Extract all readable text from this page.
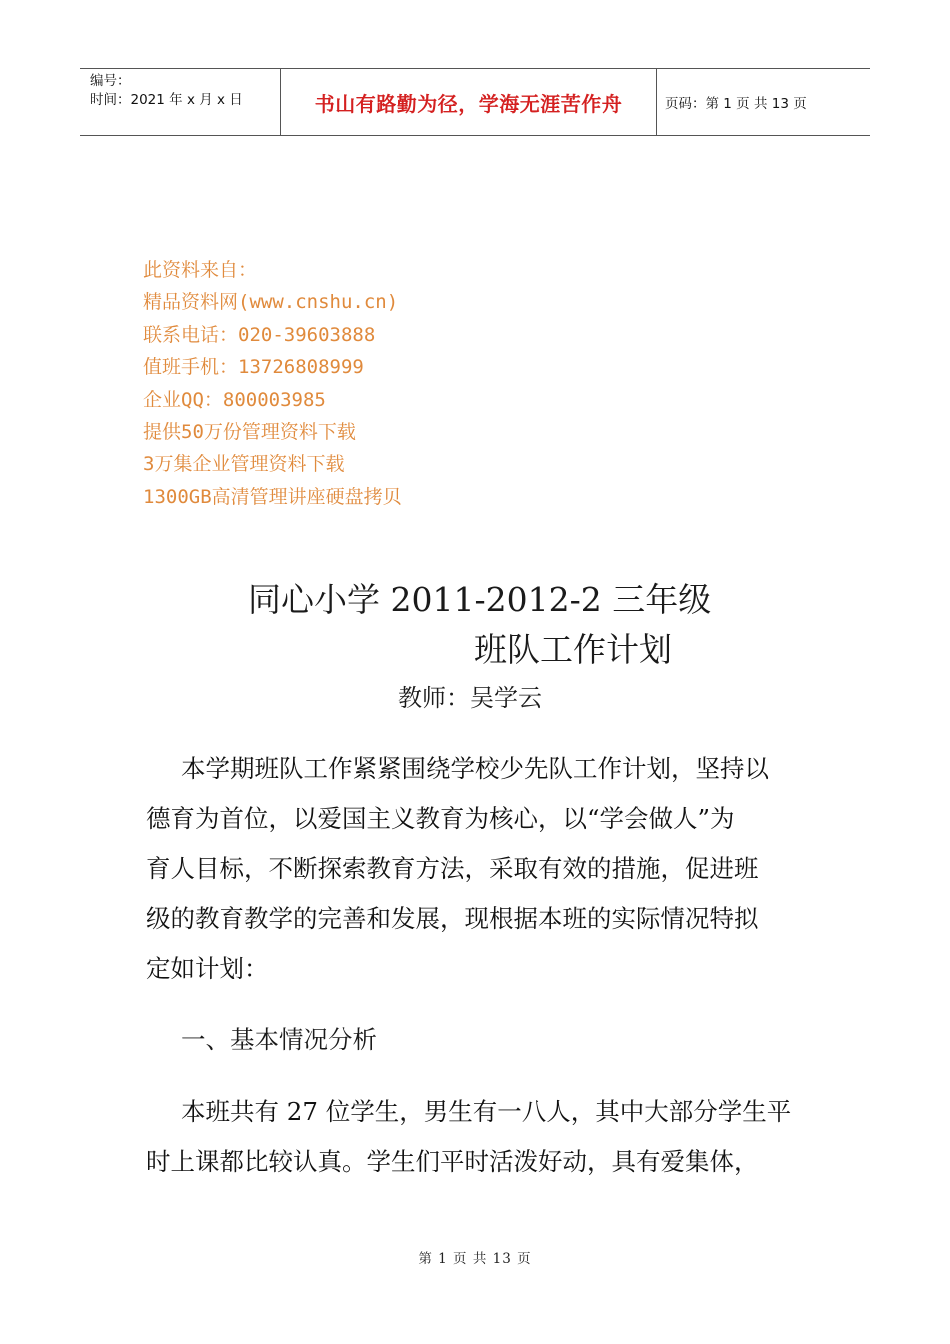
编号：
时间：2021 年 x 月 x 日	书山有路勤为径，学海无涯苦作舟	页码：第 1 页 共 13 页
此资料来自：
精品资料网(www.cnshu.cn)
联系电话：020-39603888
值班手机：13726808999
企业QQ：800003985
提供50万份管理资料下载
3万集企业管理资料下载
1300GB高清管理讲座硬盘拷贝
同心小学 2011-2012-2 三年级
班队工作计划
教师：吴学云
本学期班队工作紧紧围绕学校少先队工作计划，坚持以
德育为首位，以爱国主义教育为核心，以“学会做人”为
育人目标，不断探索教育方法，采取有效的措施，促进班
级的教育教学的完善和发展，现根据本班的实际情况特拟
定如计划：
一、基本情况分析
本班共有 27 位学生，男生有一八人，其中大部分学生平
时上课都比较认真。学生们平时活泼好动，具有爱集体，
第 1 页 共 13 页
